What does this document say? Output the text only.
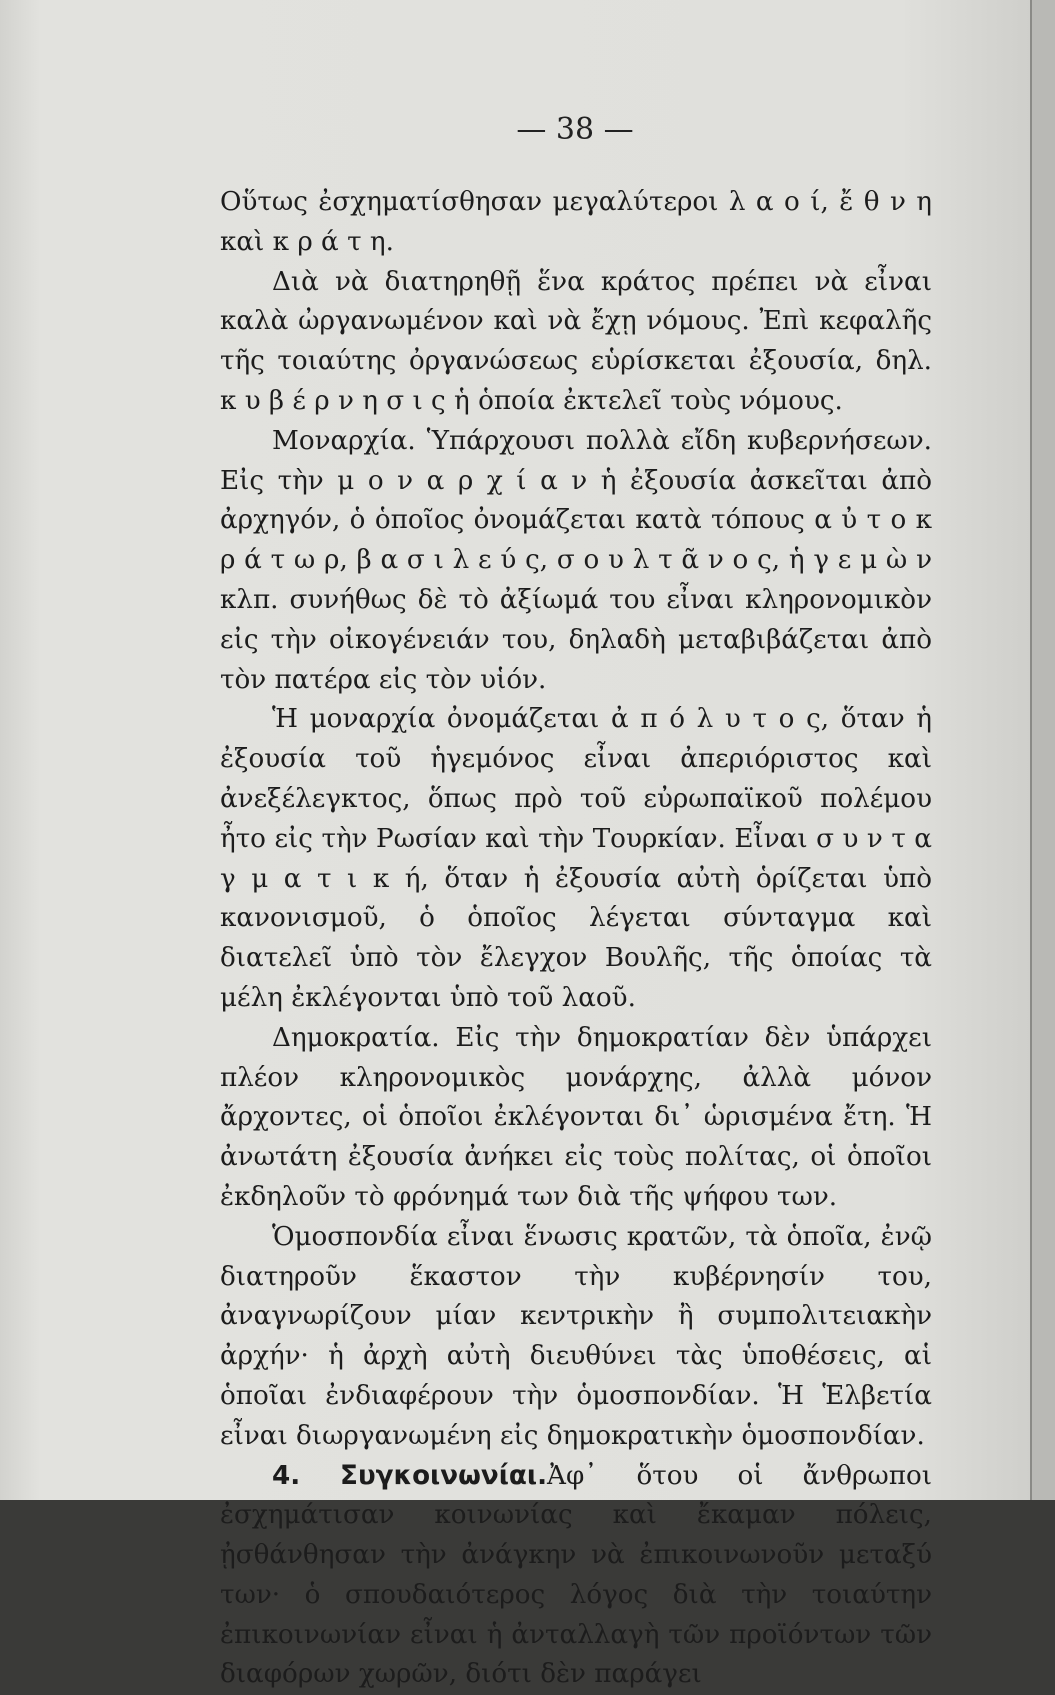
— 38 —

Οὕτως ἐσχηματίσθησαν μεγαλύτεροι λ α ο ί, ἔ θ ν η καὶ κ ρ ά τ η.

Διὰ νὰ διατηρηθῇ ἕνα κράτος πρέπει νὰ εἶναι καλὰ ὠργανωμένον καὶ νὰ ἔχῃ νόμους. Ἐπὶ κεφαλῆς τῆς τοιαύτης ὀργανώσεως εὑρίσκεται ἐξουσία, δηλ. κ υ β έ ρ ν η σ ι ς ἡ ὁποία ἐκτελεῖ τοὺς νόμους.

Μοναρχία. Ὑπάρχουσι πολλὰ εἴδη κυβερνήσεων. Εἰς τὴν μ ο ν α ρ χ ί α ν ἡ ἐξουσία ἀσκεῖται ἀπὸ ἀρχηγόν, ὁ ὁποῖος ὀνομάζεται κατὰ τόπους α ὐ τ ο κ ρ ά τ ω ρ, β α σ ι λ ε ύ ς, σ ο υ λ τ ᾶ ν ο ς, ἡ γ ε μ ὼ ν κλπ. συνήθως δὲ τὸ ἀξίωμά του εἶναι κληρονομικὸν εἰς τὴν οἰκογένειάν του, δηλαδὴ μεταβιβάζεται ἀπὸ τὸν πατέρα εἰς τὸν υἱόν.

Ἡ μοναρχία ὀνομάζεται ἀ π ό λ υ τ ο ς, ὅταν ἡ ἐξουσία τοῦ ἡγεμόνος εἶναι ἀπεριόριστος καὶ ἀνεξέλεγκτος, ὅπως πρὸ τοῦ εὐρωπαϊκοῦ πολέμου ἦτο εἰς τὴν Ρωσίαν καὶ τὴν Τουρκίαν. Εἶναι σ υ ν τ α γ μ α τ ι κ ή, ὅταν ἡ ἐξουσία αὐτὴ ὁρίζεται ὑπὸ κανονισμοῦ, ὁ ὁποῖος λέγεται σύνταγμα καὶ διατελεῖ ὑπὸ τὸν ἔλεγχον Βουλῆς, τῆς ὁποίας τὰ μέλη ἐκλέγονται ὑπὸ τοῦ λαοῦ.

Δημοκρατία. Εἰς τὴν δημοκρατίαν δὲν ὑπάρχει πλέον κληρονομικὸς μονάρχης, ἀλλὰ μόνον ἄρχοντες, οἱ ὁποῖοι ἐκλέγονται δι᾽ ὡρισμένα ἔτη. Ἡ ἀνωτάτη ἐξουσία ἀνήκει εἰς τοὺς πολίτας, οἱ ὁποῖοι ἐκδηλοῦν τὸ φρόνημά των διὰ τῆς ψήφου των.

Ὁμοσπονδία εἶναι ἕνωσις κρατῶν, τὰ ὁποῖα, ἐνῷ διατηροῦν ἕκαστον τὴν κυβέρνησίν του, ἀναγνωρίζουν μίαν κεντρικὴν ἢ συμπολιτειακὴν ἀρχήν· ἡ ἀρχὴ αὐτὴ διευθύνει τὰς ὑποθέσεις, αἱ ὁποῖαι ἐνδιαφέρουν τὴν ὁμοσπονδίαν. Ἡ Ἑλβετία εἶναι διωργανωμένη εἰς δημοκρατικὴν ὁμοσπονδίαν.

4. Συγκοινωνίαι.Ἀφ᾽ ὅτου οἱ ἄνθρωποι ἐσχημάτισαν κοινωνίας καὶ ἔκαμαν πόλεις, ᾐσθάνθησαν τὴν ἀνάγκην νὰ ἐπικοινωνοῦν μεταξύ των· ὁ σπουδαιότερος λόγος διὰ τὴν τοιαύτην ἐπικοινωνίαν εἶναι ἡ ἀνταλλαγὴ τῶν προϊόντων τῶν διαφόρων χωρῶν, διότι δὲν παράγει
